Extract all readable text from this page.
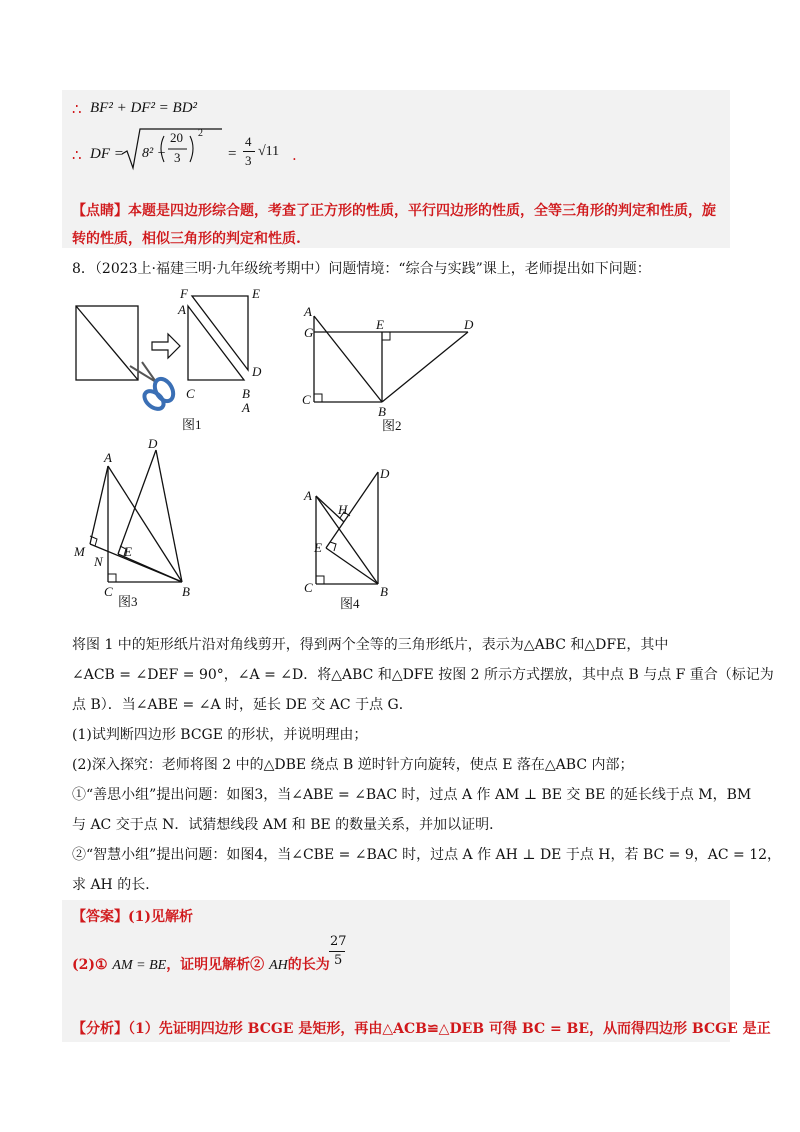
∴ BF² + DF² = BD²
∴ DF = 8² −
20
3
2
=
4
3
√11 .
【点睛】本题是四边形综合题，考查了正方形的性质，平行四边形的性质，全等三角形的判定和性质，旋
转的性质，相似三角形的判定和性质.
8．（2023上·福建三明·九年级统考期中）问题情境：“综合与实践”课上，老师提出如下问题：
F	E
A
D
C	B
A
图1
A
G
E	D
C
B
图2
D
A
M	E
N
C	B
图3
D
A
H
E
C	B
图4
将图 1 中的矩形纸片沿对角线剪开，得到两个全等的三角形纸片，表示为△ABC 和△DFE，其中
∠ACB = ∠DEF = 90°，∠A = ∠D．将△ABC 和△DFE 按图 2 所示方式摆放，其中点 B 与点 F 重合（标记为
点 B）．当∠ABE = ∠A 时，延长 DE 交 AC 于点 G．
(1)试判断四边形 BCGE 的形状，并说明理由；
(2)深入探究：老师将图 2 中的△DBE 绕点 B 逆时针方向旋转，使点 E 落在△ABC 内部；
①“善思小组”提出问题：如图3，当∠ABE = ∠BAC 时，过点 A 作 AM ⊥ BE 交 BE 的延长线于点 M，BM
与 AC 交于点 N．试猜想线段 AM 和 BE 的数量关系，并加以证明．
②“智慧小组”提出问题：如图4，当∠CBE = ∠BAC 时，过点 A 作 AH ⊥ DE 于点 H，若 BC = 9，AC = 12，
求 AH 的长．
【答案】(1)见解析
(2)① AM = BE，证明见解析② AH的长为
27
5
【分析】（1）先证明四边形 BCGE 是矩形，再由△ACB≌△DEB 可得 BC = BE，从而得四边形 BCGE 是正
